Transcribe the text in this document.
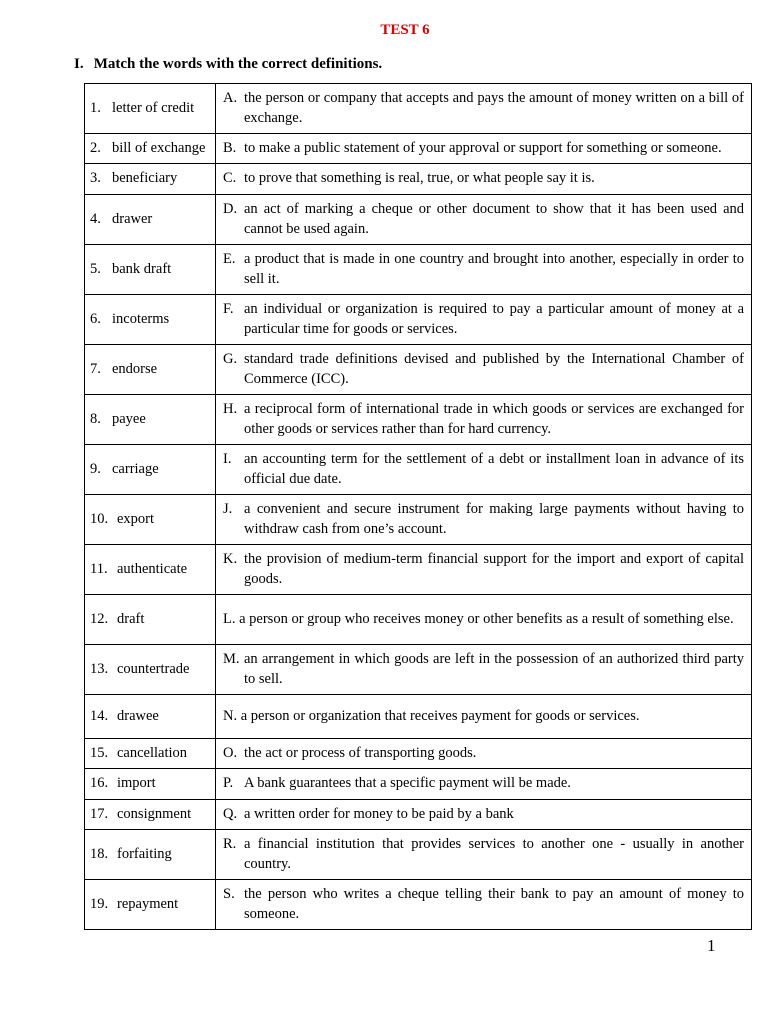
TEST 6
I. Match the words with the correct definitions.
1. letter of credit	A. the person or company that accepts and pays the amount of money written on a bill of exchange.
2. bill of exchange	B. to make a public statement of your approval or support for something or someone.
3. beneficiary	C. to prove that something is real, true, or what people say it is.
4. drawer	D. an act of marking a cheque or other document to show that it has been used and cannot be used again.
5. bank draft	E. a product that is made in one country and brought into another, especially in order to sell it.
6. incoterms	F. an individual or organization is required to pay a particular amount of money at a particular time for goods or services.
7. endorse	G. standard trade definitions devised and published by the International Chamber of Commerce (ICC).
8. payee	H. a reciprocal form of international trade in which goods or services are exchanged for other goods or services rather than for hard currency.
9. carriage	I. an accounting term for the settlement of a debt or installment loan in advance of its official due date.
10. export	J. a convenient and secure instrument for making large payments without having to withdraw cash from one’s account.
11. authenticate	K. the provision of medium-term financial support for the import and export of capital goods.
12. draft	L. a person or group who receives money or other benefits as a result of something else.
13. countertrade	M. an arrangement in which goods are left in the possession of an authorized third party to sell.
14. drawee	N. a person or organization that receives payment for goods or services.
15. cancellation	O. the act or process of transporting goods.
16. import	P. A bank guarantees that a specific payment will be made.
17. consignment	Q. a written order for money to be paid by a bank
18. forfaiting	R. a financial institution that provides services to another one - usually in another country.
19. repayment	S. the person who writes a cheque telling their bank to pay an amount of money to someone.
1
